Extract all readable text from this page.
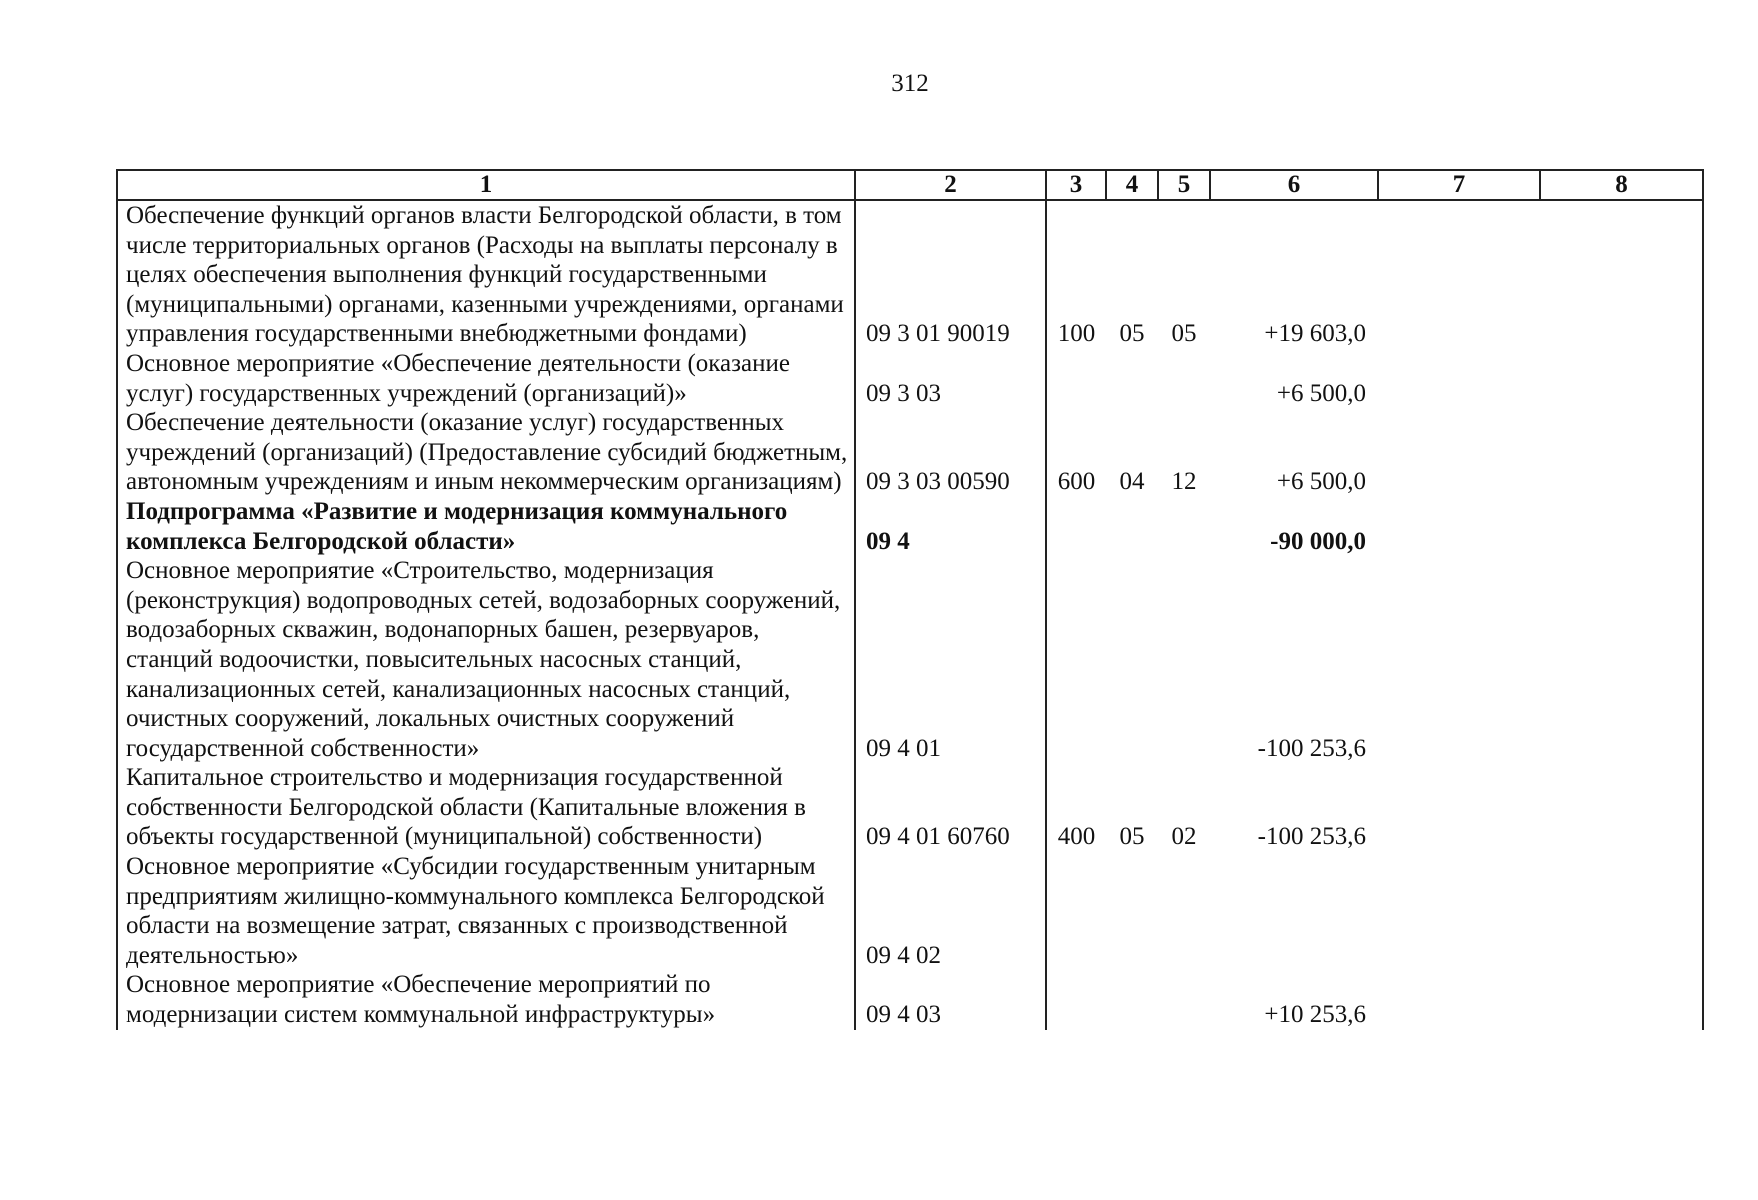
312
1	2	3	4	5	6	7	8
Обеспечение функций органов власти Белгородской области, в том числе территориальных органов (Расходы на выплаты персоналу в целях обеспечения выполнения функций государственными (муниципальными) органами, казенными учреждениями, органами управления государственными внебюджетными фондами)	09 3 01 90019	100	05	05	+19 603,0		
Основное мероприятие «Обеспечение деятельности (оказание услуг) государственных учреждений (организаций)»	09 3 03				+6 500,0		
Обеспечение деятельности (оказание услуг) государственных учреждений (организаций) (Предоставление субсидий бюджетным, автономным учреждениям и иным некоммерческим организациям)	09 3 03 00590	600	04	12	+6 500,0		
Подпрограмма «Развитие и модернизация коммунального комплекса Белгородской области»	09 4				-90 000,0		
Основное мероприятие «Строительство, модернизация (реконструкция) водопроводных сетей, водозаборных сооружений, водозаборных скважин, водонапорных башен, резервуаров, станций водоочистки, повысительных насосных станций, канализационных сетей, канализационных насосных станций, очистных сооружений, локальных очистных сооружений государственной собственности»	09 4 01				-100 253,6		
Капитальное строительство и модернизация государственной собственности Белгородской области (Капитальные вложения в объекты государственной (муниципальной) собственности)	09 4 01 60760	400	05	02	-100 253,6		
Основное мероприятие «Субсидии государственным унитарным предприятиям жилищно-коммунального комплекса Белгородской области на возмещение затрат, связанных с производственной деятельностью»	09 4 02						
Основное мероприятие «Обеспечение мероприятий по модернизации систем коммунальной инфраструктуры»	09 4 03				+10 253,6		
